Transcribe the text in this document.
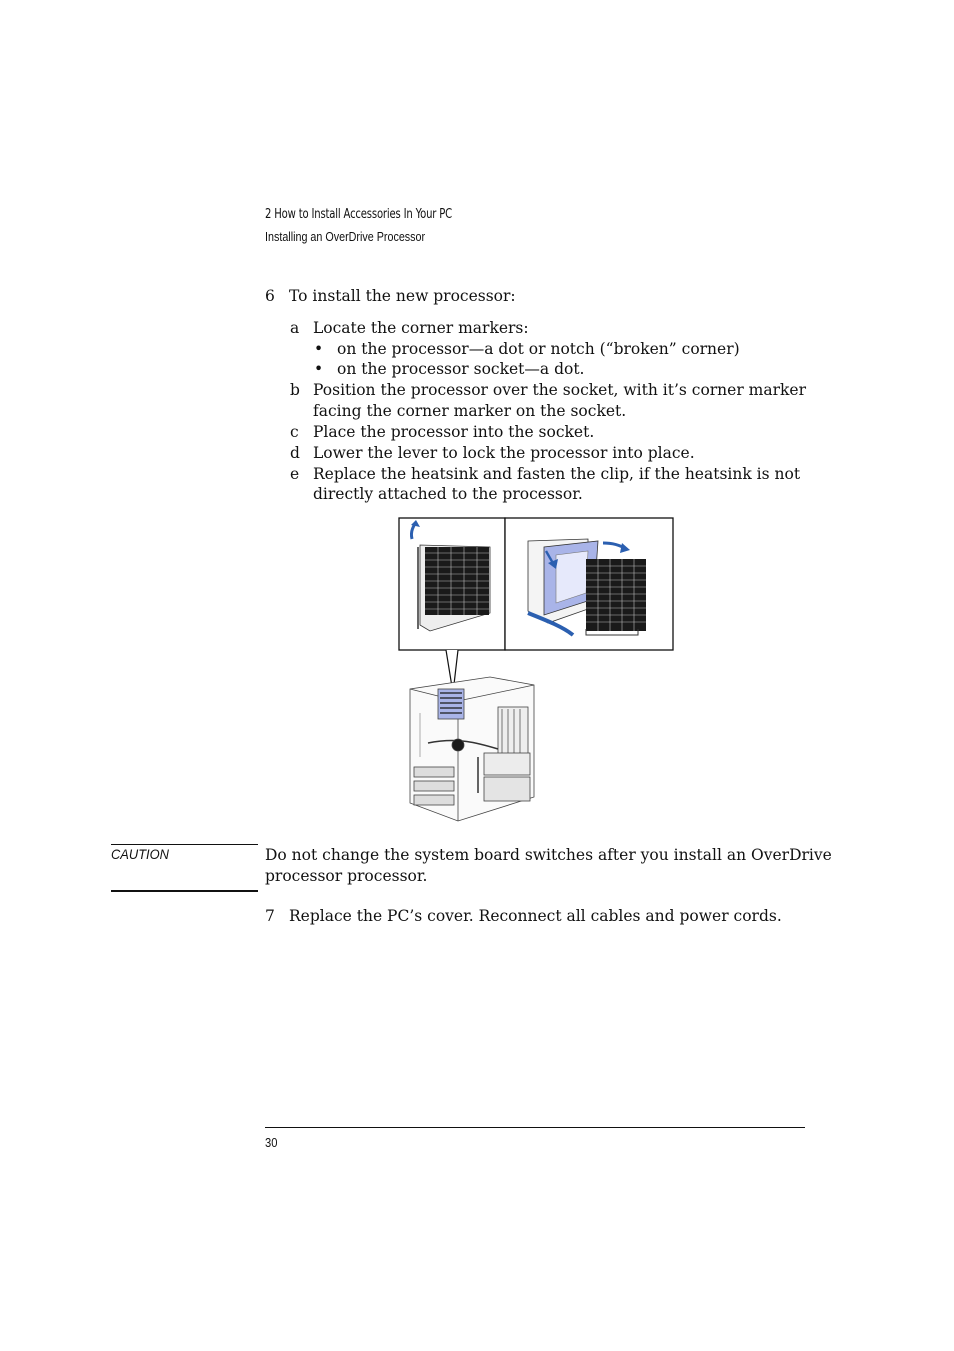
2 How to Install Accessories In Your PC
Installing an OverDrive Processor
6 To install the new processor:
a Locate the corner markers:
• on the processor—a dot or notch (“broken” corner)
• on the processor socket—a dot.
b Position the processor over the socket, with it’s corner marker
facing the corner marker on the socket.
c Place the processor into the socket.
d Lower the lever to lock the processor into place.
e Replace the heatsink and fasten the clip, if the heatsink is not
directly attached to the processor.
CAUTION	Do not change the system board switches after you install an OverDrive
processor processor.
7 Replace the PC’s cover. Reconnect all cables and power cords.
30
